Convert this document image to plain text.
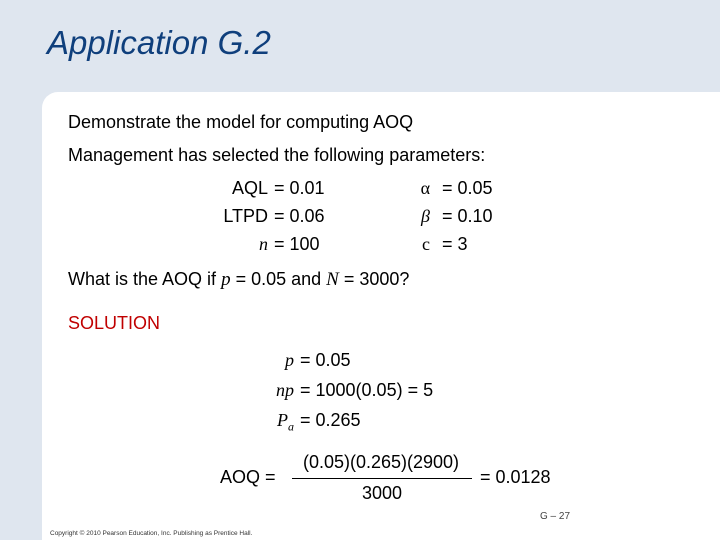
Application G.2
Demonstrate the model for computing AOQ
Management has selected the following parameters:
AQL = 0.01
LTPD = 0.06
n = 100
α = 0.05
β = 0.10
c = 3
What is the AOQ if p = 0.05 and N = 3000?
SOLUTION
p = 0.05
np = 1000(0.05) = 5
$P_a = 0.265$
AOQ =
(0.05)(0.265)(2900)
3000
= 0.0128
G – 27
Copyright © 2010 Pearson Education, Inc. Publishing as Prentice Hall.
